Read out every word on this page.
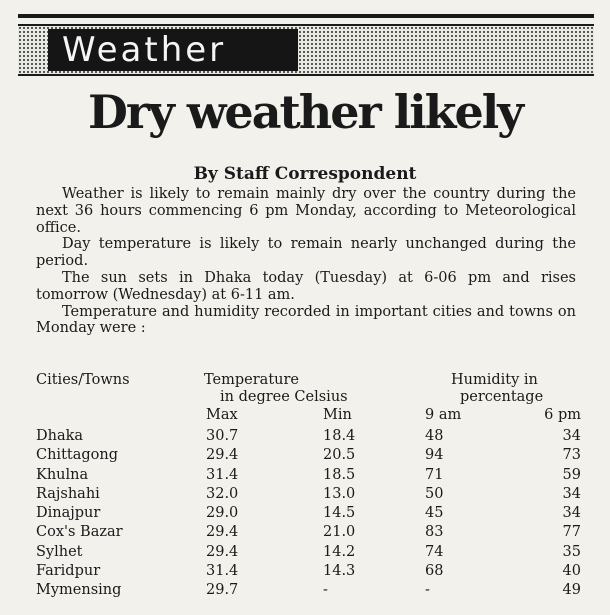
Weather
Dry weather likely
By Staff Correspondent

Weather is likely to remain mainly dry over the country during the next 36 hours commencing 6 pm Monday, according to Meteorological office.

Day temperature is likely to remain nearly unchanged during the period.

The sun sets in Dhaka today (Tuesday) at 6-06 pm and rises tomorrow (Wednesday) at 6-11 am.

Temperature and humidity recorded in important cities and towns on Monday were :

Cities/Towns	Temperature
in degree Celsius
Humidity in
percentage
Max	Min	9 am	6 pm
Dhaka	30.7	18.4	48	34
Chittagong	29.4	20.5	94	73
Khulna	31.4	18.5	71	59
Rajshahi	32.0	13.0	50	34
Dinajpur	29.0	14.5	45	34
Cox's Bazar	29.4	21.0	83	77
Sylhet	29.4	14.2	74	35
Faridpur	31.4	14.3	68	40
Mymensing	29.7	-	-	49
